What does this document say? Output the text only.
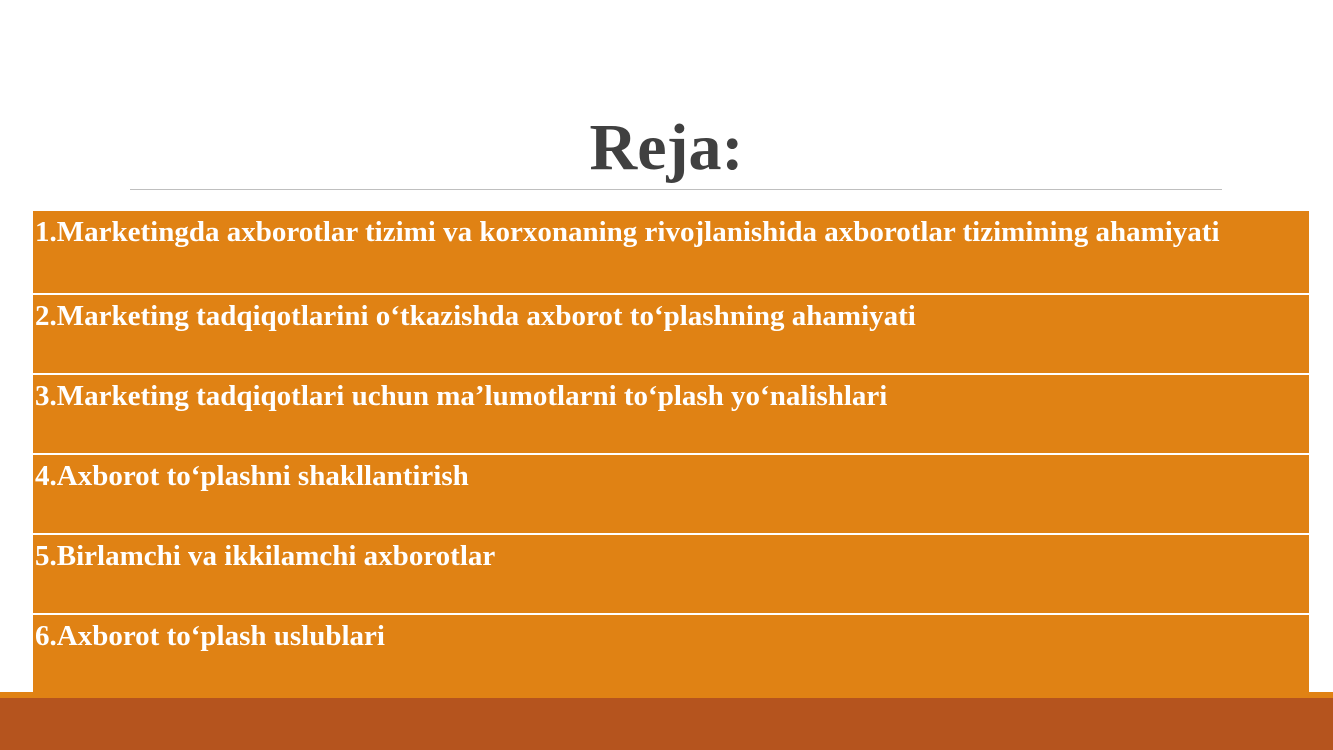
Reja:
1.Marketingda axborotlar tizimi va korxonaning rivojlanishida axborotlar tizimining ahamiyati
2.Marketing tadqiqotlarini o‘tkazishda axborot to‘plashning ahamiyati
3.Marketing tadqiqotlari uchun ma’lumotlarni to‘plash yo‘nalishlari
4.Axborot to‘plashni shakllantirish
5.Birlamchi va ikkilamchi axborotlar
6.Axborot to‘plash uslublari
